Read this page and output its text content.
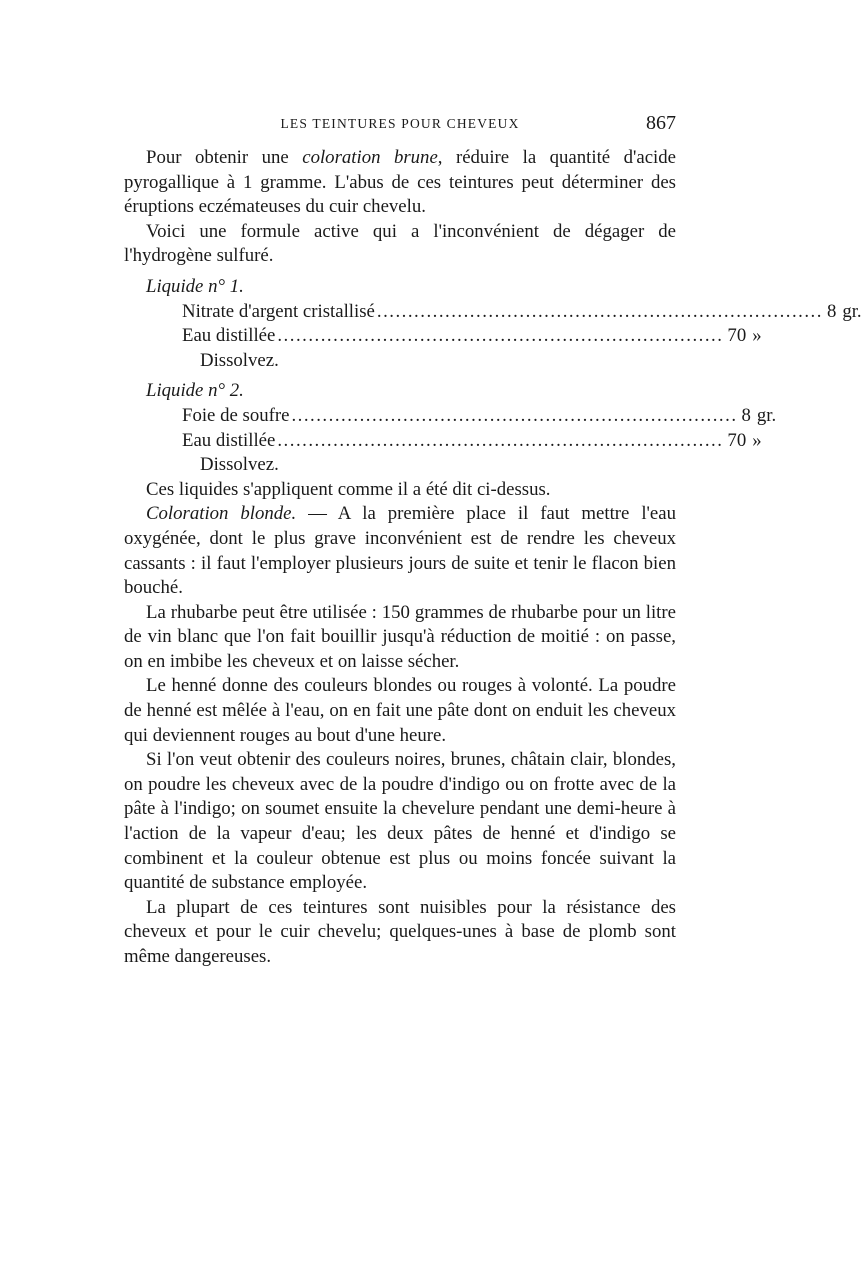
LES TEINTURES POUR CHEVEUX	867

Pour obtenir une coloration brune, réduire la quantité d'acide pyrogallique à 1 gramme. L'abus de ces teintures peut déterminer des éruptions eczémateuses du cuir chevelu.

Voici une formule active qui a l'inconvénient de dégager de l'hydrogène sulfuré.

Liquide n° 1.

Nitrate d'argent cristallisé ........................................................................ 8 gr.
Eau distillée ........................................................................ 70 »

Dissolvez.

Liquide n° 2.

Foie de soufre ........................................................................ 8 gr.
Eau distillée ........................................................................ 70 »

Dissolvez.

Ces liquides s'appliquent comme il a été dit ci-dessus.

Coloration blonde. — A la première place il faut mettre l'eau oxygénée, dont le plus grave inconvénient est de rendre les cheveux cassants : il faut l'employer plusieurs jours de suite et tenir le flacon bien bouché.

La rhubarbe peut être utilisée : 150 grammes de rhubarbe pour un litre de vin blanc que l'on fait bouillir jusqu'à réduction de moitié : on passe, on en imbibe les cheveux et on laisse sécher.

Le henné donne des couleurs blondes ou rouges à volonté. La poudre de henné est mêlée à l'eau, on en fait une pâte dont on enduit les cheveux qui deviennent rouges au bout d'une heure.

Si l'on veut obtenir des couleurs noires, brunes, châtain clair, blondes, on poudre les cheveux avec de la poudre d'indigo ou on frotte avec de la pâte à l'indigo; on soumet ensuite la chevelure pendant une demi-heure à l'action de la vapeur d'eau; les deux pâtes de henné et d'indigo se combinent et la couleur obtenue est plus ou moins foncée suivant la quantité de substance employée.

La plupart de ces teintures sont nuisibles pour la résistance des cheveux et pour le cuir chevelu; quelques-unes à base de plomb sont même dangereuses.
